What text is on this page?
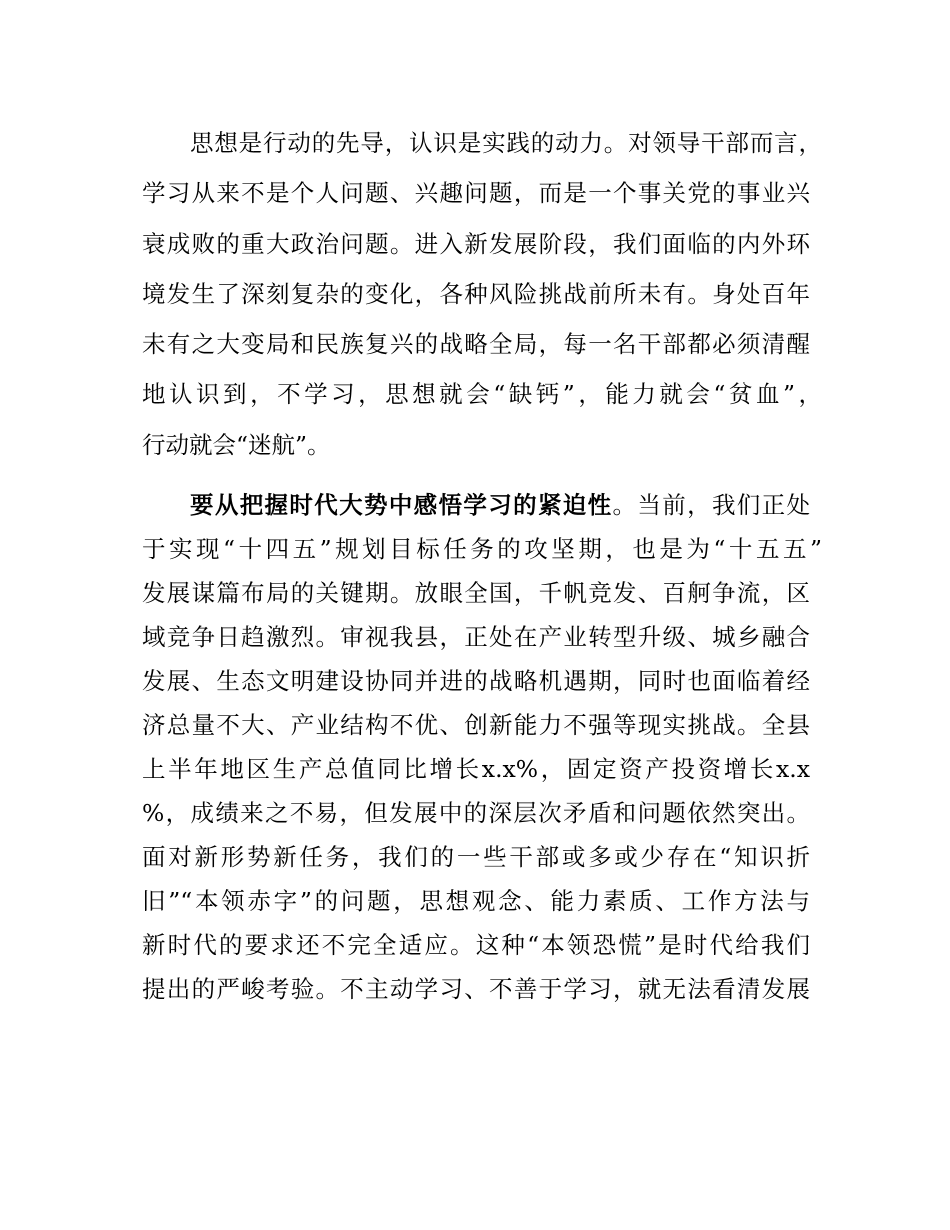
思想是行动的先导，认识是实践的动力。对领导干部而言，
学习从来不是个人问题、兴趣问题，而是一个事关党的事业兴
衰成败的重大政治问题。进入新发展阶段，我们面临的内外环
境发生了深刻复杂的变化，各种风险挑战前所未有。身处百年
未有之大变局和民族复兴的战略全局，每一名干部都必须清醒
地认识到，不学习，思想就会“缺钙”，能力就会“贫血”，
行动就会“迷航”。
要从把握时代大势中感悟学习的紧迫性。当前，我们正处
于实现“十四五”规划目标任务的攻坚期，也是为“十五五”
发展谋篇布局的关键期。放眼全国，千帆竞发、百舸争流，区
域竞争日趋激烈。审视我县，正处在产业转型升级、城乡融合
发展、生态文明建设协同并进的战略机遇期，同时也面临着经
济总量不大、产业结构不优、创新能力不强等现实挑战。全县
上半年地区生产总值同比增长x.x%，固定资产投资增长x.x
%，成绩来之不易，但发展中的深层次矛盾和问题依然突出。
面对新形势新任务，我们的一些干部或多或少存在“知识折
旧”“本领赤字”的问题，思想观念、能力素质、工作方法与
新时代的要求还不完全适应。这种“本领恐慌”是时代给我们
提出的严峻考验。不主动学习、不善于学习，就无法看清发展
